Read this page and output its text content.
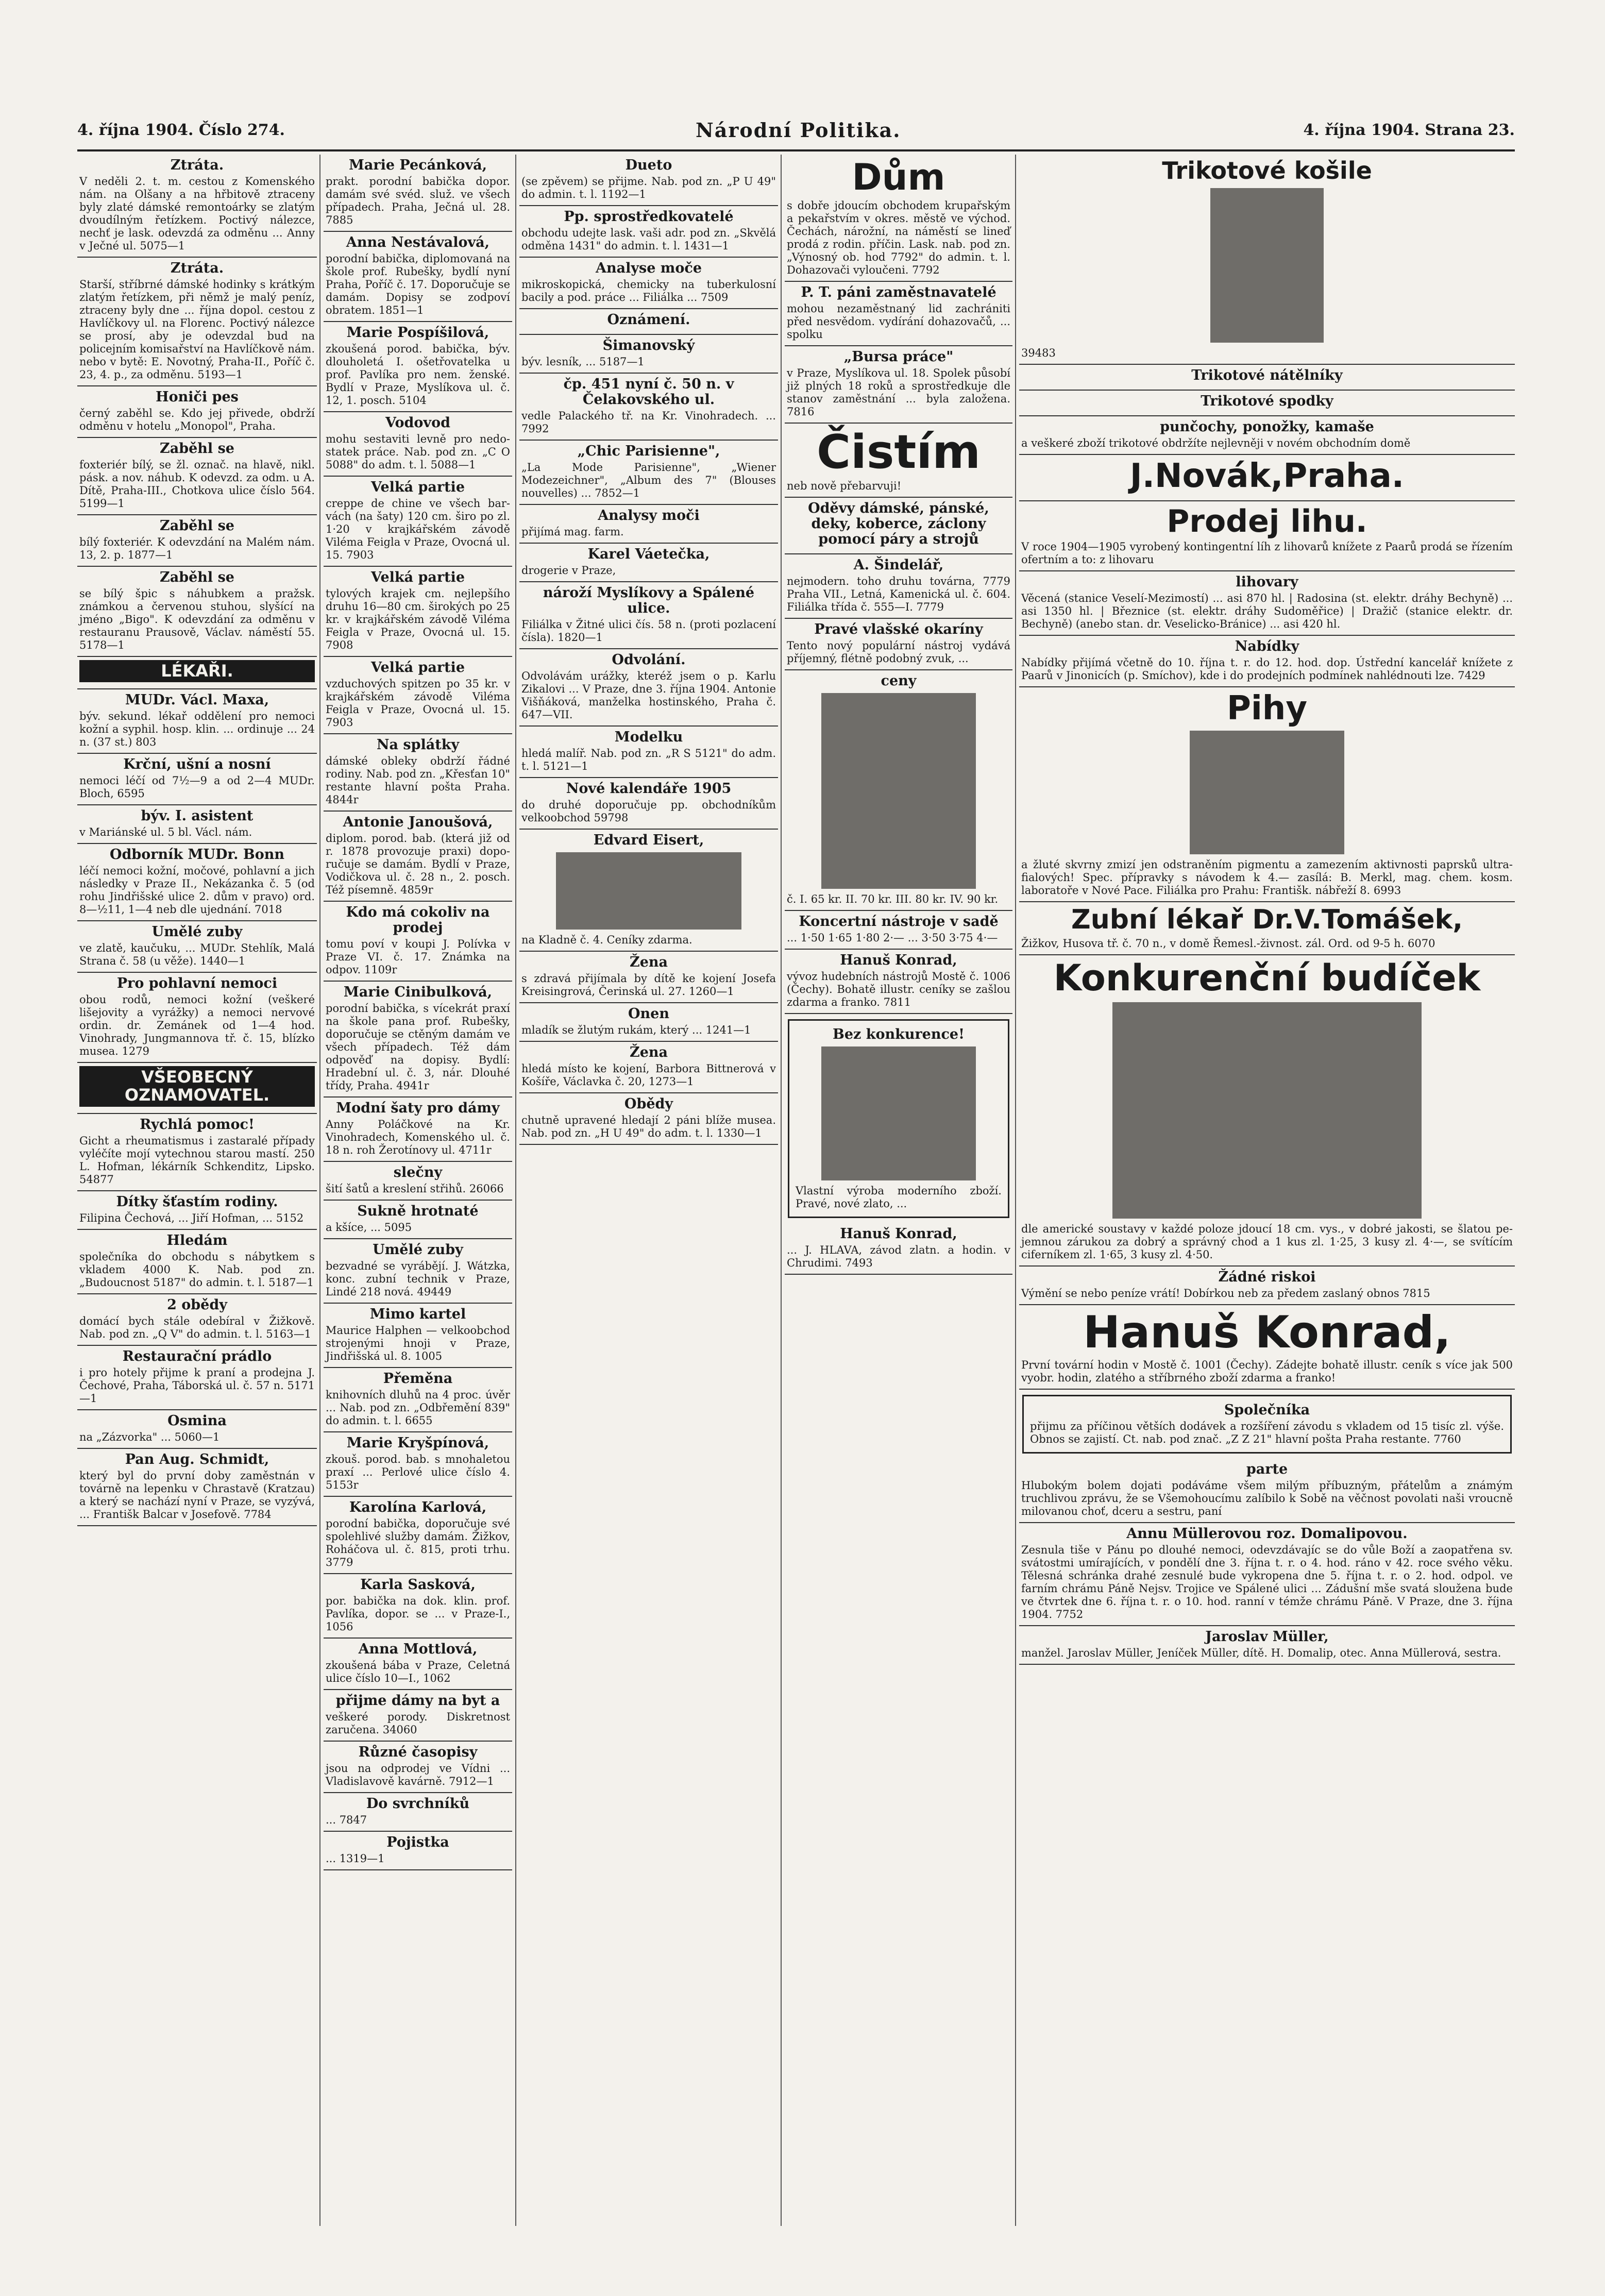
4. října 1904. Číslo 274.	Národní Politika.	4. října 1904. Strana 23.
Ztráta.

V neděli 2. t. m. cestou z Komenského nám. na Olšany a na hřbitově ztraceny byly zlaté dámské remontoárky se zlatým dvoudílným řetízkem. Poctivý nálezce, nechť je lask. odevzdá za odměnu ... Anny v Ječné ul. 5075—1

Ztráta.

Starší, stříbrné dámské hodinky s krátkým zlatým řetízkem, při němž je malý peníz, ztraceny byly dne ... října dopol. cestou z Havlíčkovy ul. na Florenc. Poctivý nálezce se prosí, aby je odevzdal bud na policejním komisařství na Havlíčkově nám. nebo v bytě: E. Novotný, Praha-II., Poříč č. 23, 4. p., za odměnu. 5193—1

Honiči pes

černý zaběhl se. Kdo jej přivede, obdrží odměnu v hotelu „Monopol", Praha.

Zaběhl se

foxteriér bílý, se žl. označ. na hlavě, nikl. pásk. a nov. náhub. K odevzd. za odm. u A. Dítě, Praha-III., Chotkova ulice číslo 564. 5199—1

Zaběhl se

bílý foxteriér. K odevzdání na Malém nám. 13, 2. p. 1877—1

Zaběhl se

se bílý špic s náhubkem a pražsk. známkou a červenou stuhou, slyšící na jméno „Bigo". K odevzdání za odměnu v restauranu Prausově, Václav. náměstí 55. 5178—1

LÉKAŘI.
MUDr. Václ. Maxa,

býv. sekund. lékař oddělení pro nemoci kožní a syphil. hosp. klin. ... ordinuje ... 24 n. (37 st.) 803

Krční, ušní a nosní

nemoci léčí od 7½—9 a od 2—4 MUDr. Bloch, 6595

býv. I. asistent

v Mariánské ul. 5 bl. Václ. nám.

Odborník MUDr. Bonn

léčí nemoci kožní, močové, pohlavní a jich následky v Praze II., Nekázanka č. 5 (od rohu Jindřišské ulice 2. dům v pravo) ord. 8—½11, 1—4 neb dle ujednání. 7018

Umělé zuby

ve zlatě, kaučuku, ... MUDr. Stehlík, Malá Strana č. 58 (u věže). 1440—1

Pro pohlavní nemoci

obou rodů, nemoci kožní (veškeré lišejovity a vyrážky) a nemoci nervové ordin. dr. Zemánek od 1—4 hod. Vinohrady, Jungmannova tř. č. 15, blízko musea. 1279

VŠEOBECNÝ OZNAMOVATEL.
Rychlá pomoc!

Gicht a rheumatismus i zastaralé případy vyléčíte mojí vytechnou starou mastí. 250 L. Hofman, lékárník Schkenditz, Lipsko. 54877

Dítky šťastím rodiny.

Filipina Čechová, ... Jiří Hofman, ... 5152

Hledám

společníka do obchodu s nábytkem s vkladem 4000 K. Nab. pod zn. „Budoucnost 5187" do admin. t. l. 5187—1

2 obědy

domácí bych stále odebíral v Žižkově. Nab. pod zn. „Q V" do admin. t. l. 5163—1

Restaurační prádlo

i pro hotely přijme k praní a prodejna J. Čechové, Praha, Táborská ul. č. 57 n. 5171—1

Osmina

na „Zázvorka" ... 5060—1

Pan Aug. Schmidt,

který byl do první doby zaměstnán v továrně na lepenku v Chrastavě (Kratzau) a který se nachází nyní v Praze, se vyzývá, ... Františk Balcar v Josefově. 7784

Marie Pecánková,

prakt. porodní babička dopor. damám své svéd. služ. ve všech případech. Praha, Ječná ul. 28. 7885

Anna Nestávalová,

porodní babička, diplomovaná na škole prof. Rubešky, bydlí nyní Praha, Poříč č. 17. Doporučuje se damám. Dopisy se zodpoví obratem. 1851—1

Marie Pospíšilová,

zkoušená porod. babička, býv. dlouholetá I. ošetřovatelka u prof. Pavlíka pro nem. ženské. Bydlí v Praze, Myslíkova ul. č. 12, 1. posch. 5104

Vodovod

mohu sestaviti levně pro nedostatek práce. Nab. pod zn. „C O 5088" do adm. t. l. 5088—1

Velká partie

creppe de chine ve všech barvách (na šaty) 120 cm. širo po zl. 1·20 v krajkářském závodě Viléma Feigla v Praze, Ovocná ul. 15. 7903

Velká partie

tylových krajek cm. nejlepšího druhu 16—80 cm. širokých po 25 kr. v krajkářském závodě Viléma Feigla v Praze, Ovocná ul. 15. 7908

Velká partie

vzduchových spitzen po 35 kr. v krajkářském závodě Viléma Feigla v Praze, Ovocná ul. 15. 7903

Na splátky

dámské obleky obdrží řádné rodiny. Nab. pod zn. „Křesťan 10" restante hlavní pošta Praha. 4844r

Antonie Janoušová,

diplom. porod. bab. (která již od r. 1878 provozuje praxi) doporučuje se damám. Bydlí v Praze, Vodičkova ul. č. 28 n., 2. posch. Též písemně. 4859r

Kdo má cokoliv na prodej

tomu poví v koupi J. Polívka v Praze VI. č. 17. Známka na odpov. 1109r

Marie Cinibulková,

porodní babička, s vícekrát praxí na škole pana prof. Rubešky, doporučuje se ctěným damám ve všech případech. Též dám odpověď na dopisy. Bydlí: Hradební ul. č. 3, nár. Dlouhé třídy, Praha. 4941r

Modní šaty pro dámy

Anny Poláčkové na Kr. Vinohradech, Komenského ul. č. 18 n. roh Žerotínovy ul. 4711r

slečny

šití šatů a kreslení střihů. 26066

Sukně hrotnaté

a kšíce, ... 5095

Umělé zuby

bezvadné se vyrábějí. J. Wátzka, konc. zubní technik v Praze, Lindé 218 nová. 49449

Mimo kartel

Maurice Halphen — velkoobchod strojenými hnoji v Praze, Jindřišská ul. 8. 1005

Přeměna

knihovních dluhů na 4 proc. úvěr ... Nab. pod zn. „Odbřemění 839" do admin. t. l. 6655

Marie Kryšpínová,

zkouš. porod. bab. s mnohaletou praxí ... Perlové ulice číslo 4. 5153r

Karolína Karlová,

porodní babička, doporučuje své spolehlivé služby damám. Žižkov, Roháčova ul. č. 815, proti trhu. 3779

Karla Sasková,

por. babička na dok. klin. prof. Pavlíka, dopor. se ... v Praze-I., 1056

Anna Mottlová,

zkoušená bába v Praze, Celetná ulice číslo 10—I., 1062

přijme dámy na byt a

veškeré porody. Diskretnost zaručena. 34060

Různé časopisy

jsou na odprodej ve Vídni ... Vladislavově kavárně. 7912—1

Do svrchníků

... 7847

Pojistka

... 1319—1

Dueto

(se zpěvem) se přijme. Nab. pod zn. „P U 49" do admin. t. l. 1192—1

Pp. sprostředkovatelé

obchodu udejte lask. vaši adr. pod zn. „Skvělá odměna 1431" do admin. t. l. 1431—1

Analyse moče

mikroskopická, chemicky na tuberkulosní bacily a pod. práce ... Filiálka ... 7509

Oznámení.
Šimanovský

býv. lesník, ... 5187—1

čp. 451 nyní č. 50 n. v Čelakovského ul.

vedle Palackého tř. na Kr. Vinohradech. ... 7992

„Chic Parisienne",

„La Mode Parisienne", „Wiener Modezeichner", „Album des 7" (Blouses nouvelles) ... 7852—1

Analysy moči

přijímá mag. farm.

Karel Váetečka,

drogerie v Praze,

nároží Myslíkovy a Spálené ulice.

Filiálka v Žitné ulici čís. 58 n. (proti pozlacení čísla). 1820—1

Odvolání.

Odvolávám urážky, kteréž jsem o p. Karlu Zikalovi ... V Praze, dne 3. října 1904. Antonie Višňáková, manželka hostinského, Praha č. 647—VII.

Modelku

hledá malíř. Nab. pod zn. „R S 5121" do adm. t. l. 5121—1

Nové kalendáře 1905

do druhé doporučuje pp. obchodníkům velkoobchod 59798

Edvard Eisert,

na Kladně č. 4. Ceníky zdarma.

Žena

s zdravá přijímala by dítě ke kojení Josefa Kreisingrová, Čerinská ul. 27. 1260—1

Onen

mladík se žlutým rukám, který ... 1241—1

Žena

hledá místo ke kojení, Barbora Bittnerová v Košíře, Václavka č. 20, 1273—1

Obědy

chutně upravené hledají 2 páni blíže musea. Nab. pod zn. „H U 49" do adm. t. l. 1330—1

Dům

s dobře jdoucím obchodem krupařským a pekařstvím v okres. městě ve východ. Čechách, nárožní, na náměstí se lineď prodá z rodin. příčin. Lask. nab. pod zn. „Výnosný ob. hod 7792" do admin. t. l. Dohazovači vyloučeni. 7792

P. T. páni zaměstnavatelé

mohou nezaměstnaný lid zachrániti před nesvědom. vydírání dohazovačů, ... spolku

„Bursa práce"

v Praze, Myslíkova ul. 18. Spolek působí již plných 18 roků a sprostředkuje dle stanov zaměstnání ... byla založena. 7816

Čistím

neb nově přebarvuji!

Oděvy dámské, pánské, deky, koberce, záclony pomocí páry a strojů
A. Šindelář,

nejmodern. toho druhu továrna, 7779 Praha VII., Letná, Kamenická ul. č. 604. Filiálka třída č. 555—I. 7779

Pravé vlašské okaríny

Tento nový populární nástroj vydává příjemný, flétně podobný zvuk, ...

ceny

č. I. 65 kr. II. 70 kr. III. 80 kr. IV. 90 kr.

Koncertní nástroje v sadě

... 1·50 1·65 1·80 2·— ... 3·50 3·75 4·—

Hanuš Konrad,

vývoz hudebních nástrojů Mostě č. 1006 (Čechy). Bohatě illustr. ceníky se zašlou zdarma a franko. 7811

Bez konkurence!

Vlastní výroba moderního zboží. Pravé, nové zlato, ...

Hanuš Konrad,

... J. HLAVA, závod zlatn. a hodin. v Chrudimi. 7493

Trikotové košile

39483

Trikotové nátělníky
Trikotové spodky
punčochy, ponožky, kamaše

a veškeré zboží trikotové obdržíte nejlevněji v novém obchodním domě

J.Novák,Praha.
Prodej lihu.

V roce 1904—1905 vyrobený kontingentní líh z lihovarů knížete z Paarů prodá se řízením ofertním a to: z lihovaru

lihovary

Věcená (stanice Veselí-Mezimostí) ... asi 870 hl. | Radosina (st. elektr. dráhy Bechyně) ... asi 1350 hl. | Březnice (st. elektr. dráhy Sudoměřice) | Dražič (stanice elektr. dr. Bechyně) (anebo stan. dr. Veselicko-Bránice) ... asi 420 hl.

Nabídky

Nabídky přijímá včetně do 10. října t. r. do 12. hod. dop. Ústřední kancelář knížete z Paarů v Jinonicích (p. Smíchov), kde i do prodejních podmínek nahlédnouti lze. 7429

Pihy

a žluté skvrny zmizí jen odstraněním pigmentu a zamezením aktivnosti paprsků ultrafialových! Spec. přípravky s návodem k 4.— zasílá: B. Merkl, mag. chem. kosm. laboratoře v Nové Pace. Filiálka pro Prahu: Františk. nábřeží 8. 6993

Zubní lékař Dr.V.Tomášek,

Žižkov, Husova tř. č. 70 n., v domě Řemesl.-živnost. zál. Ord. od 9-5 h. 6070

Konkurenční budíček

dle americké soustavy v každé poloze jdoucí 18 cm. vys., v dobré jakosti, se šlatou pejemnou zárukou za dobrý a správný chod a 1 kus zl. 1·25, 3 kusy zl. 4·—, se svítícím ciferníkem zl. 1·65, 3 kusy zl. 4·50.

Žádné riskoi

Výmění se nebo peníze vrátí! Dobírkou neb za předem zaslaný obnos 7815

Hanuš Konrad,

První tovární hodin v Mostě č. 1001 (Čechy). Zádejte bohatě illustr. ceník s více jak 500 vyobr. hodin, zlatého a stříbrného zboží zdarma a franko!

Společníka

přijmu za příčinou větších dodávek a rozšíření závodu s vkladem od 15 tisíc zl. výše. Obnos se zajistí. Ct. nab. pod znač. „Z Z 21" hlavní pošta Praha restante. 7760

parte

Hlubokým bolem dojati podáváme všem milým příbuzným, přátelům a známým truchlivou zprávu, že se Všemohoucímu zalíbilo k Sobě na věčnost povolati naši vroucně milovanou choť, dceru a sestru, paní

Annu Müllerovou roz. Domalipovou.

Zesnula tiše v Pánu po dlouhé nemoci, odevzdávajíc se do vůle Boží a zaopatřena sv. svátostmi umírajících, v pondělí dne 3. října t. r. o 4. hod. ráno v 42. roce svého věku. Tělesná schránka drahé zesnulé bude vykropena dne 5. října t. r. o 2. hod. odpol. ve farním chrámu Páně Nejsv. Trojice ve Spálené ulici ... Zádušní mše svatá sloužena bude ve čtvrtek dne 6. října t. r. o 10. hod. ranní v témže chrámu Páně. V Praze, dne 3. října 1904. 7752

Jaroslav Müller,

manžel. Jaroslav Müller, Jeníček Müller, dítě. H. Domalip, otec. Anna Müllerová, sestra.
